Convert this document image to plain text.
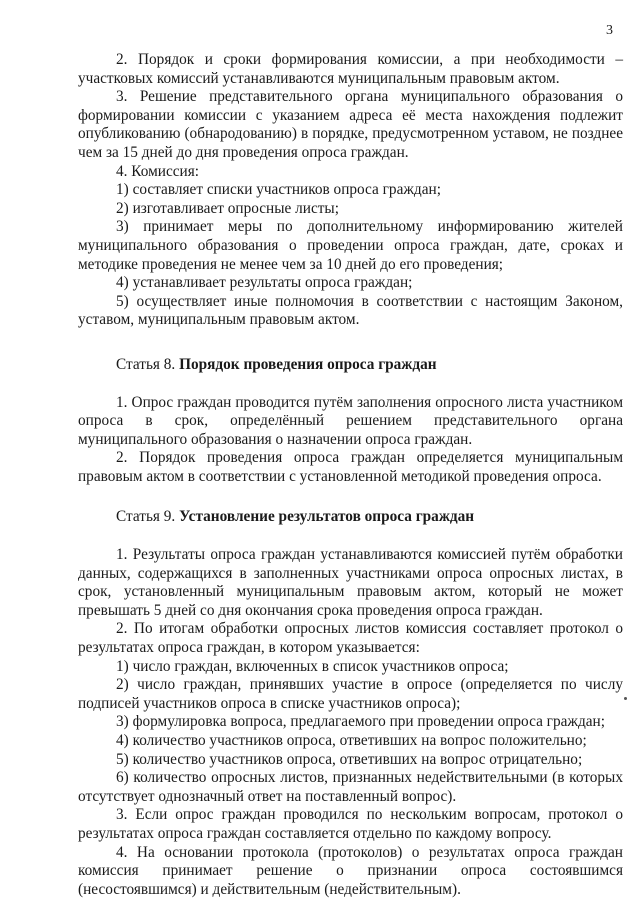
3

2. Порядок и сроки формирования комиссии, а при необходимости – участковых комиссий устанавливаются муниципальным правовым актом.

3. Решение представительного органа муниципального образования о формировании комиссии с указанием адреса её места нахождения подлежит опубликованию (обнародованию) в порядке, предусмотренном уставом, не позднее чем за 15 дней до дня проведения опроса граждан.

4. Комиссия:

1) составляет списки участников опроса граждан;

2) изготавливает опросные листы;

3) принимает меры по дополнительному информированию жителей муниципального образования о проведении опроса граждан, дате, сроках и методике проведения не менее чем за 10 дней до его проведения;

4) устанавливает результаты опроса граждан;

5) осуществляет иные полномочия в соответствии с настоящим Законом, уставом, муниципальным правовым актом.

Статья 8. Порядок проведения опроса граждан

1. Опрос граждан проводится путём заполнения опросного листа участником опроса в срок, определённый решением представительного органа муниципального образования о назначении опроса граждан.

2. Порядок проведения опроса граждан определяется муниципальным правовым актом в соответствии с установленной методикой проведения опроса.

Статья 9. Установление результатов опроса граждан

1. Результаты опроса граждан устанавливаются комиссией путём обработки данных, содержащихся в заполненных участниками опроса опросных листах, в срок, установленный муниципальным правовым актом, который не может превышать 5 дней со дня окончания срока проведения опроса граждан.

2. По итогам обработки опросных листов комиссия составляет протокол о результатах опроса граждан, в котором указывается:

1) число граждан, включенных в список участников опроса;

2) число граждан, принявших участие в опросе (определяется по числу подписей участников опроса в списке участников опроса);

3) формулировка вопроса, предлагаемого при проведении опроса граждан;

4) количество участников опроса, ответивших на вопрос положительно;

5) количество участников опроса, ответивших на вопрос отрицательно;

6) количество опросных листов, признанных недействительными (в которых отсутствует однозначный ответ на поставленный вопрос).

3. Если опрос граждан проводился по нескольким вопросам, протокол о результатах опроса граждан составляется отдельно по каждому вопросу.

4. На основании протокола (протоколов) о результатах опроса граждан комиссия принимает решение о признании опроса состоявшимся (несостоявшимся) и действительным (недействительным).
